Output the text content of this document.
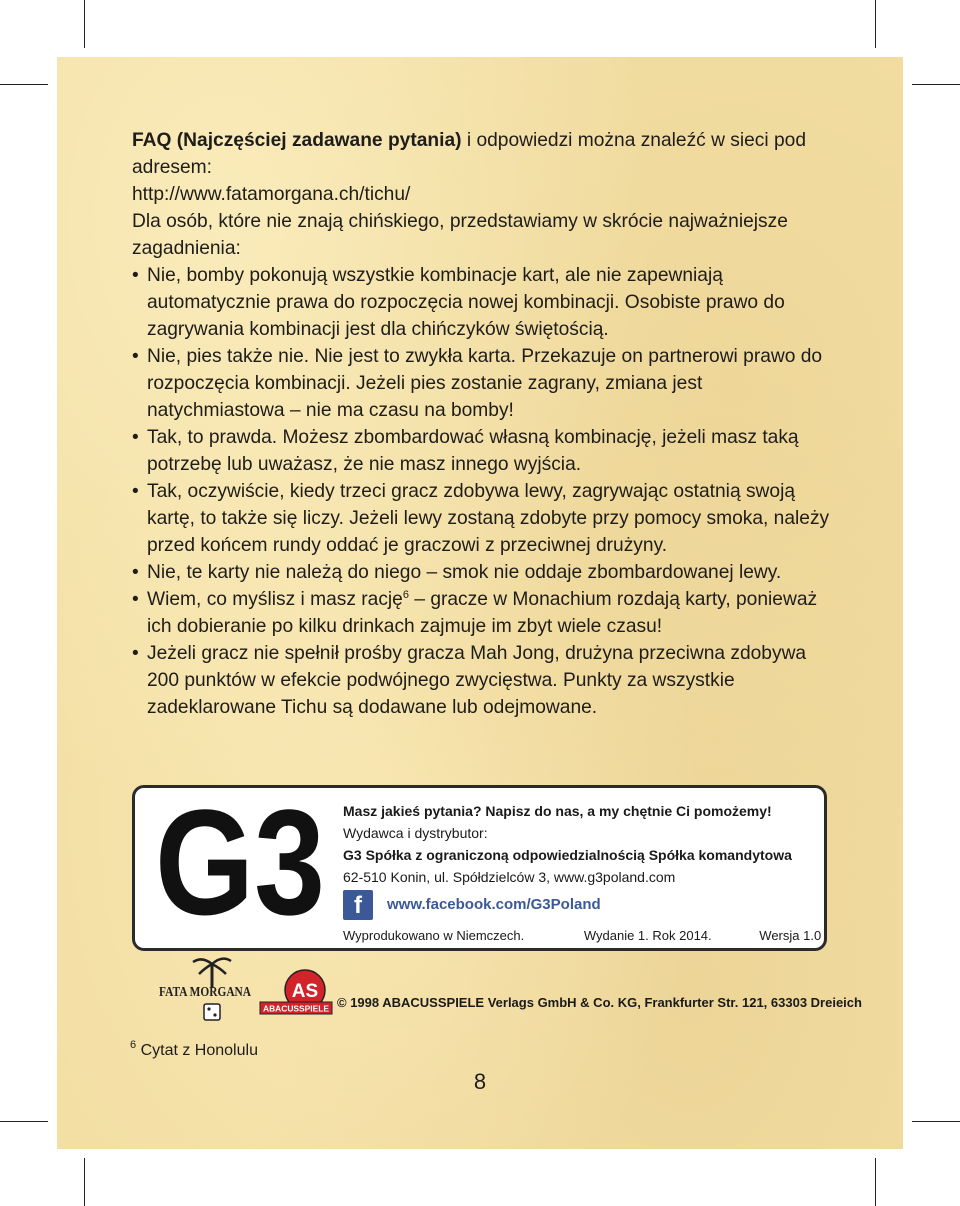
FAQ (Najczęściej zadawane pytania) i odpowiedzi można znaleźć w sieci pod adresem:

http://www.fatamorgana.ch/tichu/

Dla osób, które nie znają chińskiego, przedstawiamy w skrócie najważniejsze zagadnienia:

• Nie, bomby pokonują wszystkie kombinacje kart, ale nie zapewniają automatycznie prawa do rozpoczęcia nowej kombinacji. Osobiste prawo do zagrywania kombinacji jest dla chińczyków świętością.
• Nie, pies także nie. Nie jest to zwykła karta. Przekazuje on partnerowi prawo do rozpoczęcia kombinacji. Jeżeli pies zostanie zagrany, zmiana jest natychmiastowa – nie ma czasu na bomby!
• Tak, to prawda. Możesz zbombardować własną kombinację, jeżeli masz taką potrzebę lub uważasz, że nie masz innego wyjścia.
• Tak, oczywiście, kiedy trzeci gracz zdobywa lewy, zagrywając ostatnią swoją kartę, to także się liczy. Jeżeli lewy zostaną zdobyte przy pomocy smoka, należy przed końcem rundy oddać je graczowi z przeciwnej drużyny.
• Nie, te karty nie należą do niego – smok nie oddaje zbombardowanej lewy.
• Wiem, co myślisz i masz rację$^6$ – gracze w Monachium rozdają karty, ponieważ ich dobieranie po kilku drinkach zajmuje im zbyt wiele czasu!
• Jeżeli gracz nie spełnił prośby gracza Mah Jong, drużyna przeciwna zdobywa 200 punktów w efekcie podwójnego zwycięstwa. Punkty za wszystkie zadeklarowane Tichu są dodawane lub odejmowane.
G3 Masz jakieś pytania? Napisz do nas, a my chętnie Ci pomożemy!
Wydawca i dystrybutor:
G3 Spółka z ograniczoną odpowiedzialnością Spółka komandytowa
62-510 Konin, ul. Spółdzielców 3, www.g3poland.com
f	www.facebook.com/G3Poland
Wyprodukowano w Niemczech.	Wydanie 1. Rok 2014.	Wersja 1.0
FATA MORGANA AS
ABACUSSPIELE © 1998 ABACUSSPIELE Verlags GmbH & Co. KG, Frankfurter Str. 121, 63303 Dreieich
$^6$ Cytat z Honolulu
8
